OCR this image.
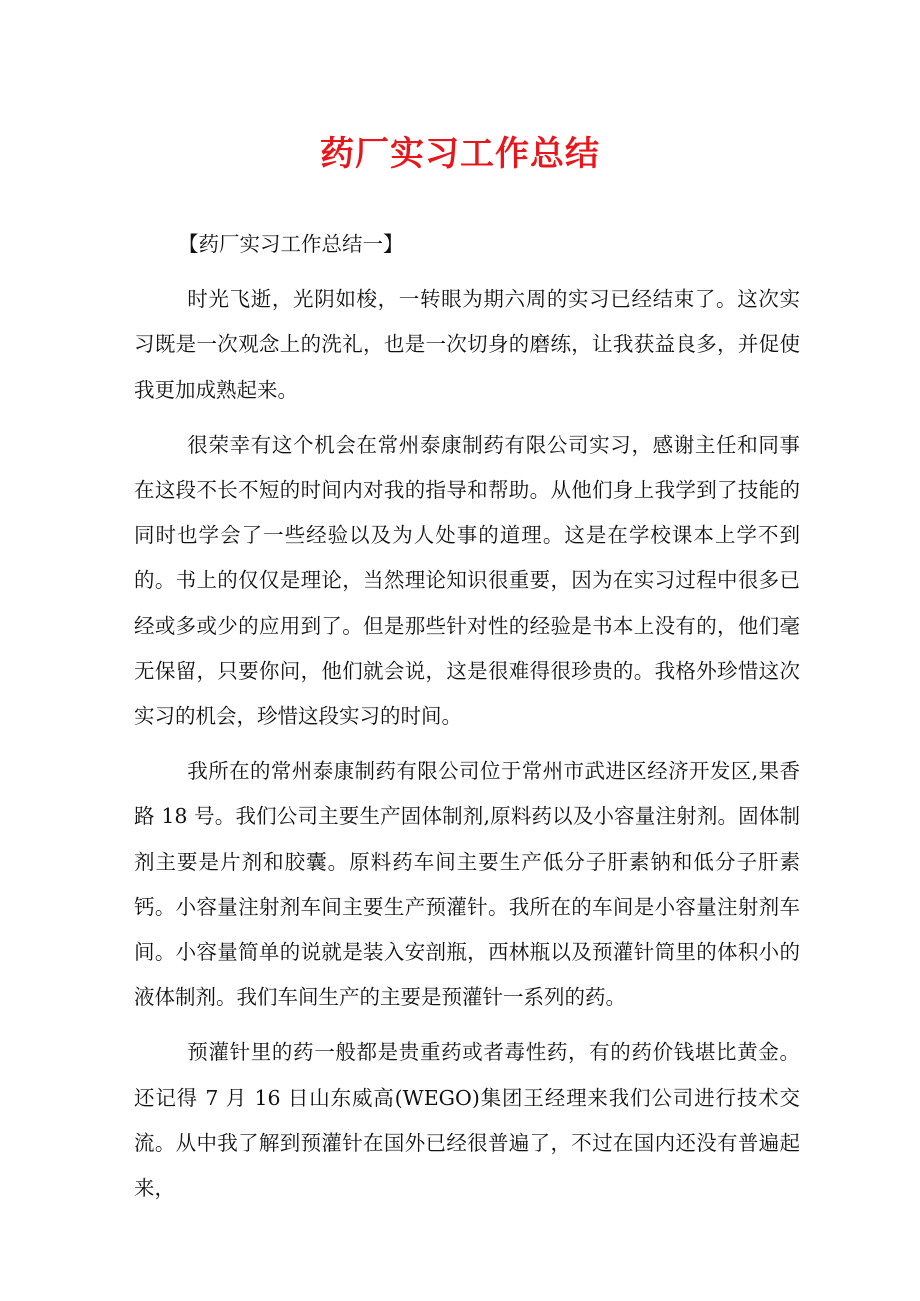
药厂实习工作总结

【药厂实习工作总结一】

时光飞逝，光阴如梭，一转眼为期六周的实习已经结束了。这次实习既是一次观念上的洗礼，也是一次切身的磨练，让我获益良多，并促使我更加成熟起来。

很荣幸有这个机会在常州泰康制药有限公司实习，感谢主任和同事在这段不长不短的时间内对我的指导和帮助。从他们身上我学到了技能的同时也学会了一些经验以及为人处事的道理。这是在学校课本上学不到的。书上的仅仅是理论，当然理论知识很重要，因为在实习过程中很多已经或多或少的应用到了。但是那些针对性的经验是书本上没有的，他们毫无保留，只要你问，他们就会说，这是很难得很珍贵的。我格外珍惜这次实习的机会，珍惜这段实习的时间。

我所在的常州泰康制药有限公司位于常州市武进区经济开发区,果香路 18 号。我们公司主要生产固体制剂,原料药以及小容量注射剂。固体制剂主要是片剂和胶囊。原料药车间主要生产低分子肝素钠和低分子肝素钙。小容量注射剂车间主要生产预灌针。我所在的车间是小容量注射剂车间。小容量简单的说就是装入安剖瓶，西林瓶以及预灌针筒里的体积小的液体制剂。我们车间生产的主要是预灌针一系列的药。

预灌针里的药一般都是贵重药或者毒性药，有的药价钱堪比黄金。还记得 7 月 16 日山东威高(WEGO)集团王经理来我们公司进行技术交流。从中我了解到预灌针在国外已经很普遍了，不过在国内还没有普遍起来，
